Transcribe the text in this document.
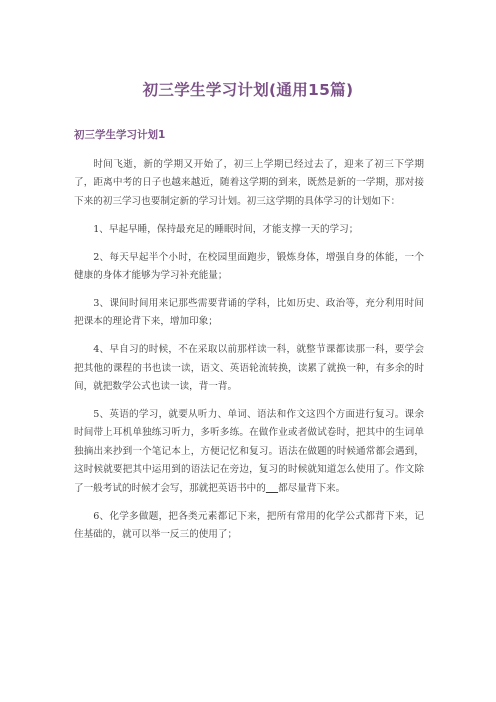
初三学生学习计划(通用15篇)
初三学生学习计划1

时间飞逝，新的学期又开始了，初三上学期已经过去了，迎来了初三下学期了，距离中考的日子也越来越近，随着这学期的到来，既然是新的一学期，那对接下来的初三学习也要制定新的学习计划。初三这学期的具体学习的计划如下：

1、早起早睡，保持最充足的睡眠时间，才能支撑一天的学习；

2、每天早起半个小时，在校园里面跑步，锻炼身体，增强自身的体能，一个健康的身体才能够为学习补充能量；

3、课间时间用来记那些需要背诵的学科，比如历史、政治等，充分利用时间把课本的理论背下来，增加印象；

4、早自习的时候，不在采取以前那样读一科，就整节课都读那一科，要学会把其他的课程的书也读一读，语文、英语轮流转换，读累了就换一种，有多余的时间，就把数学公式也读一读，背一背。

5、英语的学习，就要从听力、单词、语法和作文这四个方面进行复习。课余时间带上耳机单独练习听力，多听多练。在做作业或者做试卷时，把其中的生词单独摘出来抄到一个笔记本上，方便记忆和复习。语法在做题的时候通常都会遇到，这时候就要把其中运用到的语法记在旁边，复习的时候就知道怎么使用了。作文除了一般考试的时候才会写，那就把英语书中的 都尽量背下来。

6、化学多做题，把各类元素都记下来，把所有常用的化学公式都背下来，记住基础的，就可以举一反三的使用了；
